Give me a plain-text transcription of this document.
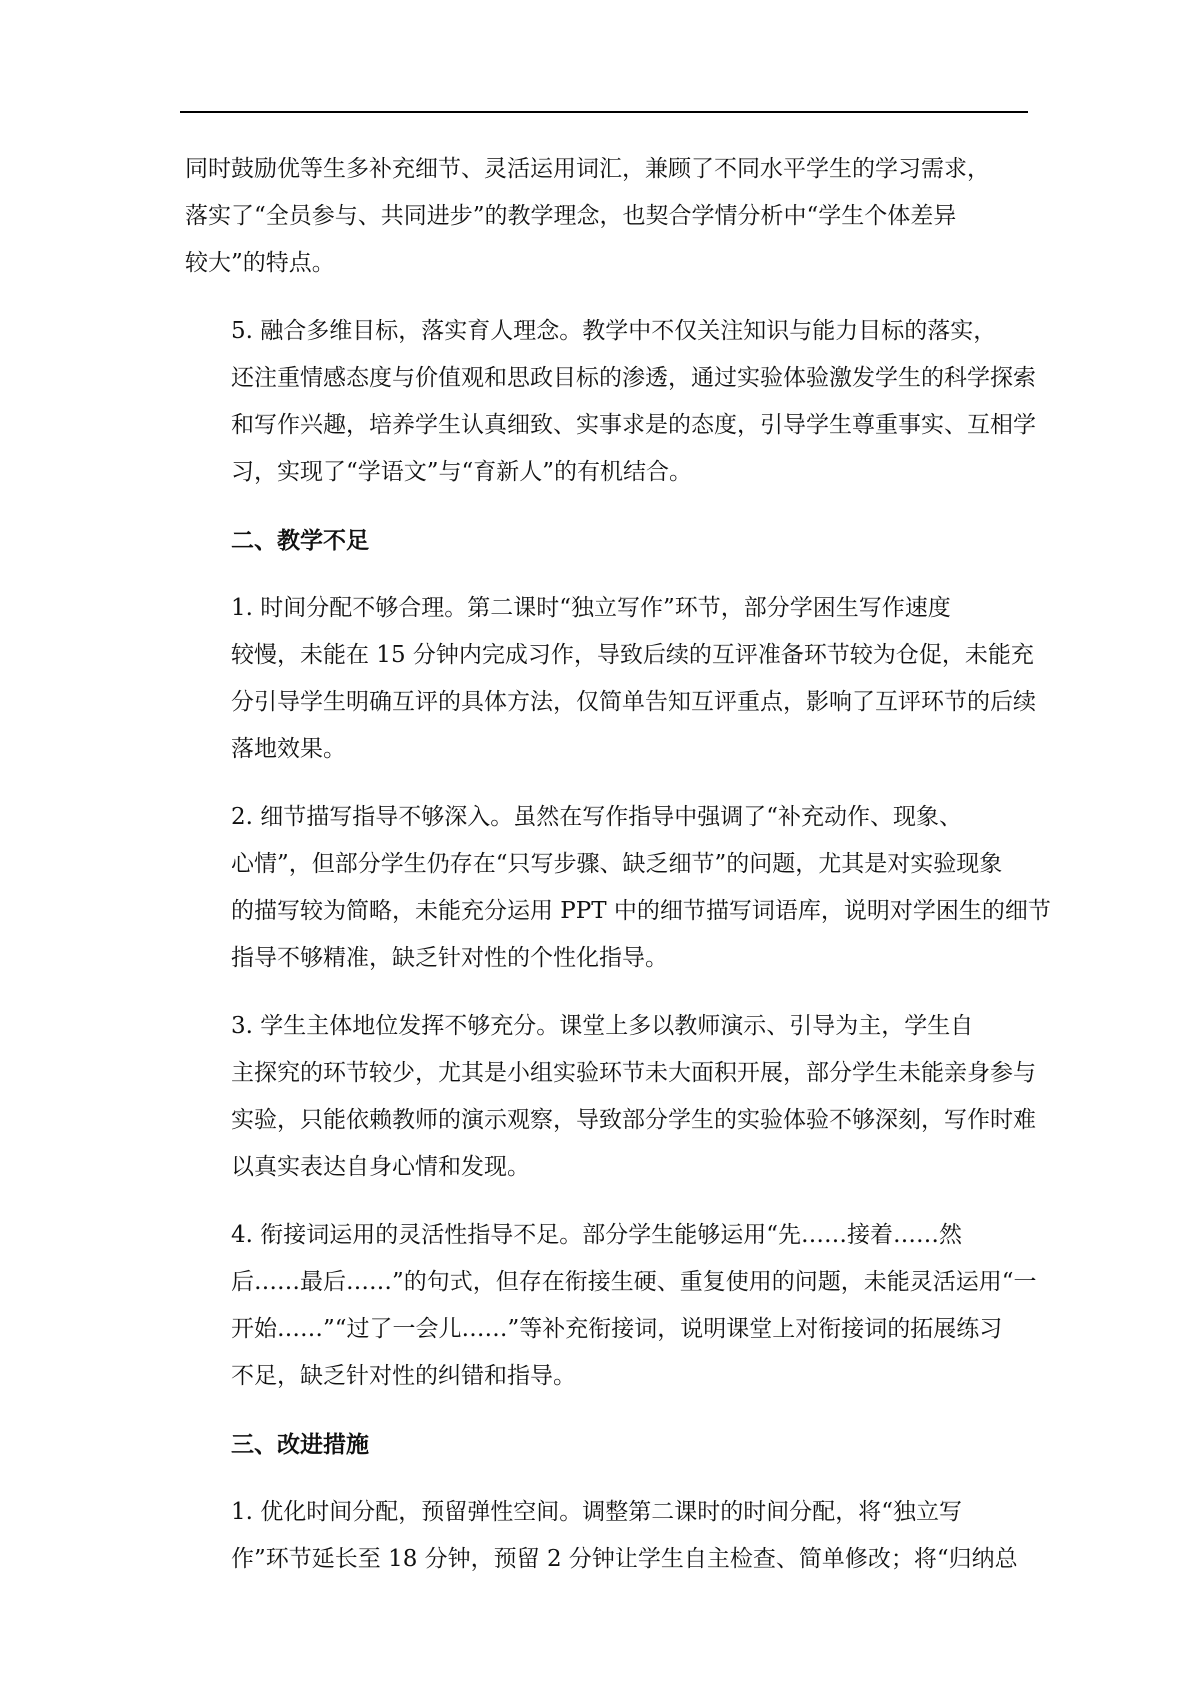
同时鼓励优等生多补充细节、灵活运用词汇，兼顾了不同水平学生的学习需求，
落实了“全员参与、共同进步”的教学理念，也契合学情分析中“学生个体差异
较大”的特点。
5. 融合多维目标，落实育人理念。教学中不仅关注知识与能力目标的落实，
还注重情感态度与价值观和思政目标的渗透，通过实验体验激发学生的科学探索
和写作兴趣，培养学生认真细致、实事求是的态度，引导学生尊重事实、互相学
习，实现了“学语文”与“育新人”的有机结合。
二、教学不足
1. 时间分配不够合理。第二课时“独立写作”环节，部分学困生写作速度
较慢，未能在 15 分钟内完成习作，导致后续的互评准备环节较为仓促，未能充
分引导学生明确互评的具体方法，仅简单告知互评重点，影响了互评环节的后续
落地效果。
2. 细节描写指导不够深入。虽然在写作指导中强调了“补充动作、现象、
心情”，但部分学生仍存在“只写步骤、缺乏细节”的问题，尤其是对实验现象
的描写较为简略，未能充分运用 PPT 中的细节描写词语库，说明对学困生的细节
指导不够精准，缺乏针对性的个性化指导。
3. 学生主体地位发挥不够充分。课堂上多以教师演示、引导为主，学生自
主探究的环节较少，尤其是小组实验环节未大面积开展，部分学生未能亲身参与
实验，只能依赖教师的演示观察，导致部分学生的实验体验不够深刻，写作时难
以真实表达自身心情和发现。
4. 衔接词运用的灵活性指导不足。部分学生能够运用“先……接着……然
后……最后……”的句式，但存在衔接生硬、重复使用的问题，未能灵活运用“一
开始……”“过了一会儿……”等补充衔接词，说明课堂上对衔接词的拓展练习
不足，缺乏针对性的纠错和指导。
三、改进措施
1. 优化时间分配，预留弹性空间。调整第二课时的时间分配，将“独立写
作”环节延长至 18 分钟，预留 2 分钟让学生自主检查、简单修改；将“归纳总
